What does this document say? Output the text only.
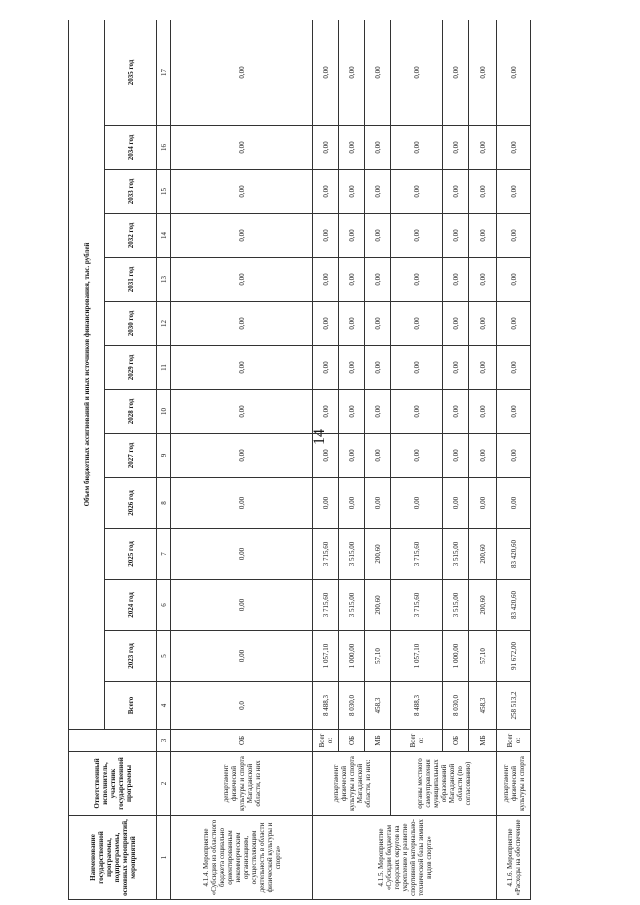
14
Наименование государственной программы, подпрограммы, основных мероприятий, мероприятий	Ответственный исполнитель, участник государственной программы		Объем бюджетных ассигнований и иных источников финансирования, тыс. рублей													
			Всего	2023 год	2024 год	2025 год	2026 год	2027 год	2028 год	2029 год	2030 год	2031 год	2032 год	2033 год	2034 год	2035 год
1	2	3	4	5	6	7	8	9	10	11	12	13	14	15	16	17
4.1.4. Мероприятие «Субсидия из областного бюджета социально ориентированным некоммерческим организациям, осуществляющим деятельность в области физической культуры и спорта»	департамент физической культуры и спорта Магаданской области, из них	ОБ	0,0	0,00	0,00	0,00	0,00	0,00	0,00	0,00	0,00	0,00	0,00	0,00	0,00	0,00
4.1.5. Мероприятие «Субсидии бюджетам городских округов на укрепление и развитие спортивной материально-технической базы зимних видов спорта»	департамент физической культуры и спорта Магаданской области, из них:	Всего:	8 488,3	1 057,10	3 715,60	3 715,60	0,00	0,00	0,00	0,00	0,00	0,00	0,00	0,00	0,00	0,00
		ОБ	8 030,0	1 000,00	3 515,00	3 515,00	0,00	0,00	0,00	0,00	0,00	0,00	0,00	0,00	0,00	0,00
		МБ	458,3	57,10	200,60	200,60	0,00	0,00	0,00	0,00	0,00	0,00	0,00	0,00	0,00	0,00
	органы местного самоуправления муниципальных образований Магаданской области (по согласованию)	Всего:	8 488,3	1 057,10	3 715,60	3 715,60	0,00	0,00	0,00	0,00	0,00	0,00	0,00	0,00	0,00	0,00
		ОБ	8 030,0	1 000,00	3 515,00	3 515,00	0,00	0,00	0,00	0,00	0,00	0,00	0,00	0,00	0,00	0,00
		МБ	458,3	57,10	200,60	200,60	0,00	0,00	0,00	0,00	0,00	0,00	0,00	0,00	0,00	0,00
4.1.6. Мероприятие «Расходы на обеспечение	департамент физической культуры и спорта	Всего:	258 513,2	91 672,00	83 420,60	83 420,60	0,00	0,00	0,00	0,00	0,00	0,00	0,00	0,00	0,00	0,00
